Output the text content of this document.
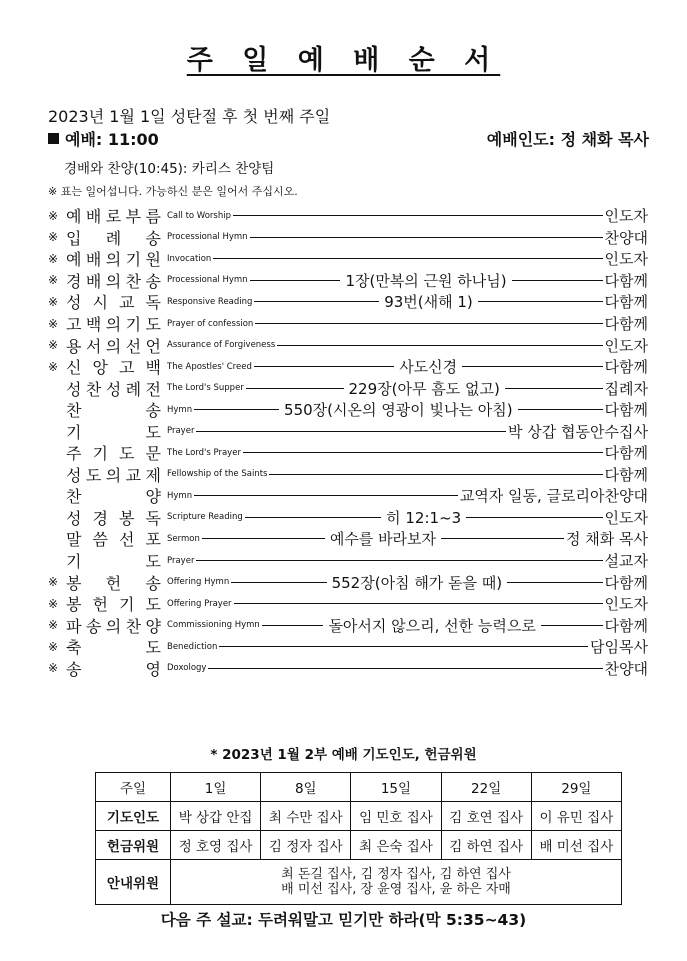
주 일 예 배 순 서
2023년 1월 1일 성탄절 후 첫 번째 주일
예배: 11:00	예배인도: 정 채화 목사
경배와 찬양(10:45): 카리스 찬양팀
※ 표는 일어섭니다. 가능하신 분은 일어서 주십시오.
※ 예 배 로 부 름 Call to Worship	인도자
※ 입 례 송 Processional Hymn	찬양대
※ 예 배 의 기 원 Invocation	인도자
※ 경 배 의 찬 송 Processional Hymn	1장(만복의 근원 하나님)	다함께
※ 성 시 교 독 Responsive Reading	93번(새해 1)	다함께
※ 고 백 의 기 도 Prayer of confession	다함께
※ 용 서 의 선 언 Assurance of Forgiveness	인도자
※ 신 앙 고 백 The Apostles' Creed	사도신경	다함께
성 찬 성 례 전 The Lord's Supper	229장(아무 흠도 없고)	집례자
찬	송 Hymn	550장(시온의 영광이 빛나는 아침)	다함께
기	도 Prayer	박 상갑 협동안수집사
주 기 도 문 The Lord's Prayer	다함께
성 도 의 교 제 Fellowship of the Saints	다함께
찬	양 Hymn	교역자 일동, 글로리아찬양대
성 경 봉 독 Scripture Reading	히 12:1~3	인도자
말 씀 선 포 Sermon	예수를 바라보자	정 채화 목사
기	도 Prayer	설교자
※ 봉 헌 송 Offering Hymn	552장(아침 해가 돋을 때)	다함께
※ 봉 헌 기 도 Offering Prayer	인도자
※ 파 송 의 찬 양 Commissioning Hymn	돌아서지 않으리, 선한 능력으로	다함께
※ 축	도 Benediction	담임목사
※ 송	영 Doxology	찬양대
* 2023년 1월 2부 예배 기도인도, 헌금위원
주일	1일	8일	15일	22일	29일
기도인도	박 상갑 안집	최 수만 집사	임 민호 집사	김 호연 집사	이 유민 집사
헌금위원	정 호영 집사	김 정자 집사	최 은숙 집사	김 하연 집사	배 미선 집사
안내위원	최 돈길 집사, 김 정자 집사, 김 하연 집사
배 미선 집사, 장 윤영 집사, 윤 하은 자매				
다음 주 설교: 두려워말고 믿기만 하라(막 5:35~43)
